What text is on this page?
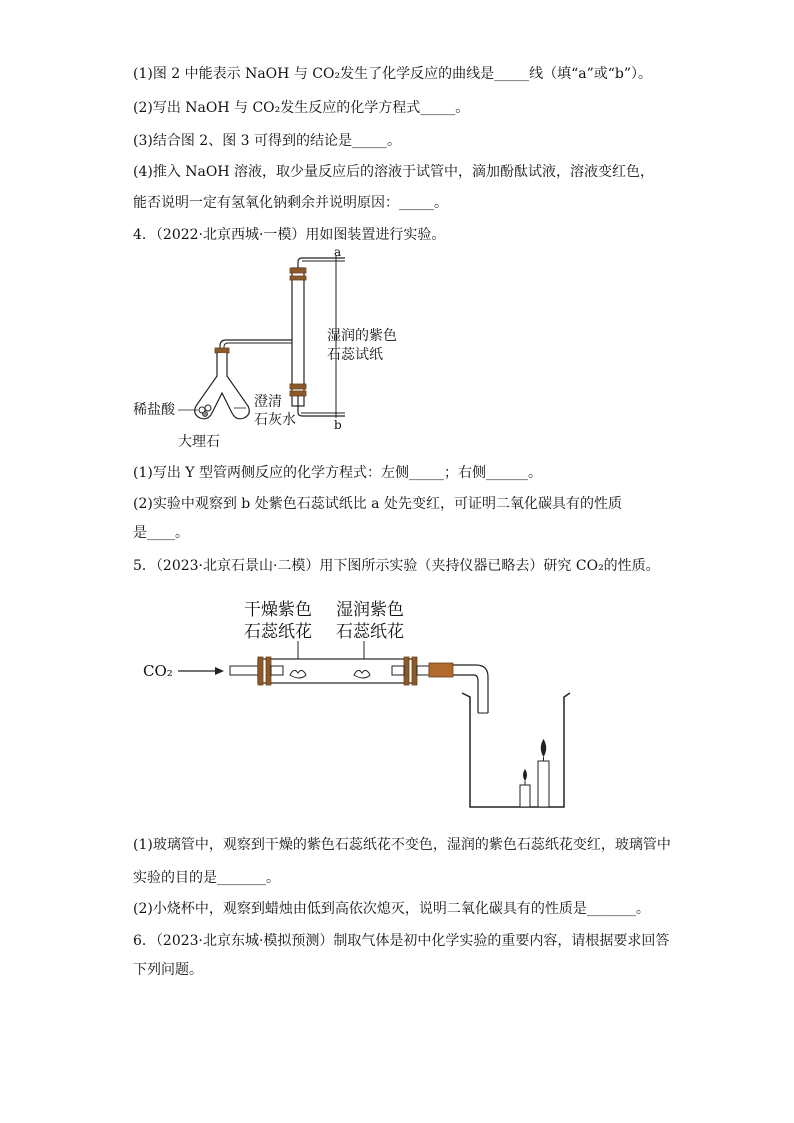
(1)图 2 中能表示 NaOH 与 CO₂发生了化学反应的曲线是_____线（填“a”或“b”）。
(2)写出 NaOH 与 CO₂发生反应的化学方程式_____。
(3)结合图 2、图 3 可得到的结论是_____。
(4)推入 NaOH 溶液，取少量反应后的溶液于试管中，滴加酚酞试液，溶液变红色，
能否说明一定有氢氧化钠剩余并说明原因：_____。
4．（2022·北京西城·一模）用如图装置进行实验。
a
b
湿润的紫色
石蕊试纸
稀盐酸	澄清
石灰水
大理石
(1)写出 Y 型管两侧反应的化学方程式：左侧_____；右侧______。
(2)实验中观察到 b 处紫色石蕊试纸比 a 处先变红，可证明二氧化碳具有的性质
是____。
5．（2023·北京石景山·二模）用下图所示实验（夹持仪器已略去）研究 CO₂的性质。
干燥紫色
石蕊纸花
湿润紫色
石蕊纸花
CO₂
(1)玻璃管中，观察到干燥的紫色石蕊纸花不变色，湿润的紫色石蕊纸花变红，玻璃管中
实验的目的是_______。
(2)小烧杯中，观察到蜡烛由低到高依次熄灭，说明二氧化碳具有的性质是_______。
6．（2023·北京东城·模拟预测）制取气体是初中化学实验的重要内容，请根据要求回答
下列问题。
